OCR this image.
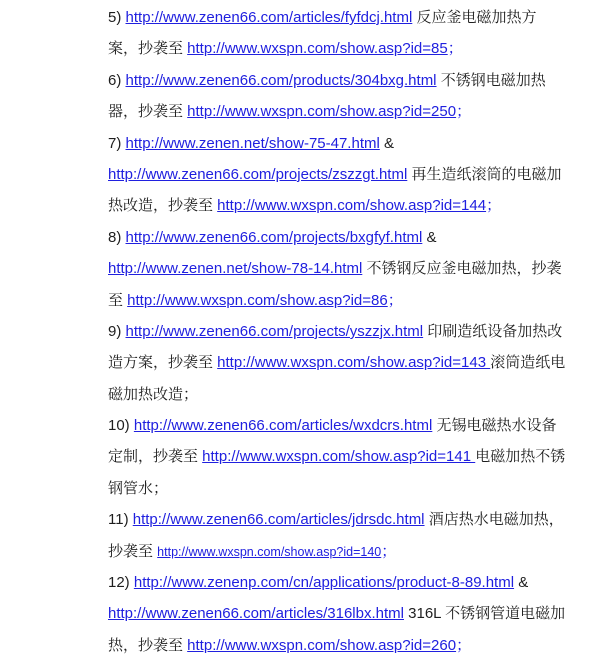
5) http://www.zenen66.com/articles/fyfdcj.html 反应釜电磁加热方
案，抄袭至 http://www.wxspn.com/show.asp?id=85；
6) http://www.zenen66.com/products/304bxg.html 不锈钢电磁加热
器，抄袭至 http://www.wxspn.com/show.asp?id=250；
7) http://www.zenen.net/show-75-47.html &
http://www.zenen66.com/projects/zszzgt.html 再生造纸滚筒的电磁加
热改造，抄袭至 http://www.wxspn.com/show.asp?id=144；
8) http://www.zenen66.com/projects/bxgfyf.html &
http://www.zenen.net/show-78-14.html 不锈钢反应釜电磁加热，抄袭
至 http://www.wxspn.com/show.asp?id=86；
9) http://www.zenen66.com/projects/yszzjx.html 印刷造纸设备加热改
造方案，抄袭至 http://www.wxspn.com/show.asp?id=143 滚筒造纸电
磁加热改造；
10) http://www.zenen66.com/articles/wxdcrs.html 无锡电磁热水设备
定制，抄袭至 http://www.wxspn.com/show.asp?id=141 电磁加热不锈
钢管水；
11) http://www.zenen66.com/articles/jdrsdc.html 酒店热水电磁加热，
抄袭至 http://www.wxspn.com/show.asp?id=140；
12) http://www.zenenp.com/cn/applications/product-8-89.html &
http://www.zenen66.com/articles/316lbx.html 316L 不锈钢管道电磁加
热，抄袭至 http://www.wxspn.com/show.asp?id=260；
